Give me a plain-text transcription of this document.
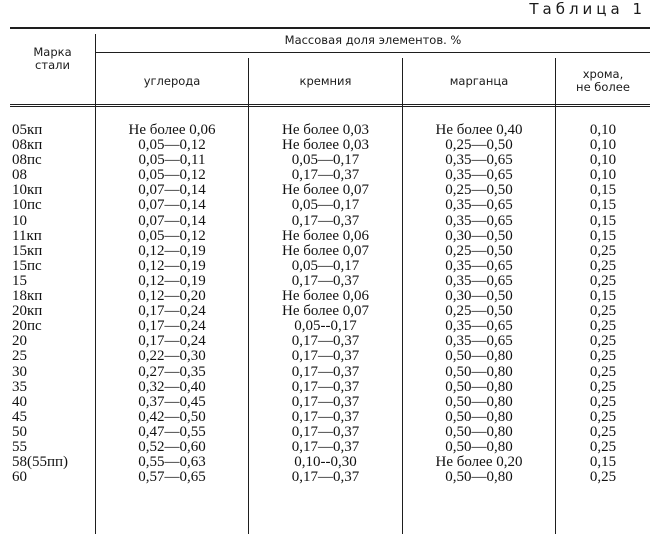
Таблица 1
Марка
стали
Массовая доля элементов. %
углерода	кремния	марганца	хрома,
не более
05кп	Не более 0,06	Не более 0,03	Не более 0,40	0,10
08кп	0,05—0,12	Не более 0,03	0,25—0,50	0,10
08пс	0,05—0,11	0,05—0,17	0,35—0,65	0,10
08	0,05—0,12	0,17—0,37	0,35—0,65	0,10
10кп	0,07—0,14	Не более 0,07	0,25—0,50	0,15
10пс	0,07—0,14	0,05—0,17	0,35—0,65	0,15
10	0,07—0,14	0,17—0,37	0,35—0,65	0,15
11кп	0,05—0,12	Не более 0,06	0,30—0,50	0,15
15кп	0,12—0,19	Не более 0,07	0,25—0,50	0,25
15пс	0,12—0,19	0,05—0,17	0,35—0,65	0,25
15	0,12—0,19	0,17—0,37	0,35—0,65	0,25
18кп	0,12—0,20	Не более 0,06	0,30—0,50	0,15
20кп	0,17—0,24	Не более 0,07	0,25—0,50	0,25
20пс	0,17—0,24	0,05--0,17	0,35—0,65	0,25
20	0,17—0,24	0,17—0,37	0,35—0,65	0,25
25	0,22—0,30	0,17—0,37	0,50—0,80	0,25
30	0,27—0,35	0,17—0,37	0,50—0,80	0,25
35	0,32—0,40	0,17—0,37	0,50—0,80	0,25
40	0,37—0,45	0,17—0,37	0,50—0,80	0,25
45	0,42—0,50	0,17—0,37	0,50—0,80	0,25
50	0,47—0,55	0,17—0,37	0,50—0,80	0,25
55	0,52—0,60	0,17—0,37	0,50—0,80	0,25
58(55пп)	0,55—0,63	0,10--0,30	Не более 0,20	0,15
60	0,57—0,65	0,17—0,37	0,50—0,80	0,25
